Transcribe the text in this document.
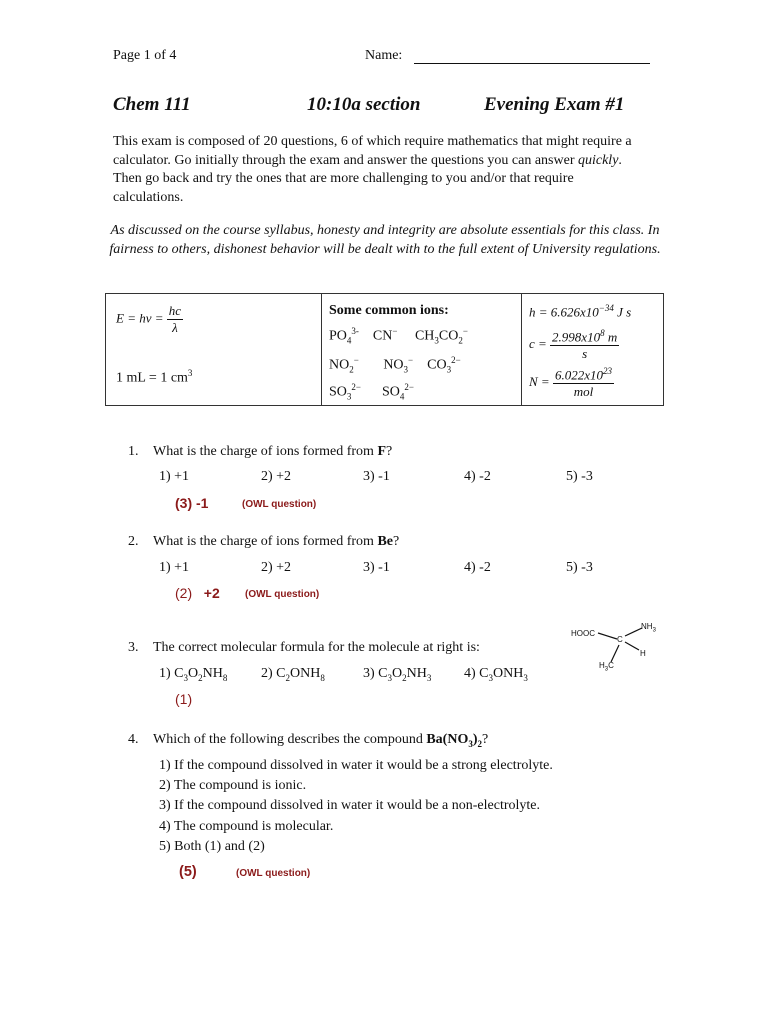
Page 1 of 4	Name:
Chem 111	10:10a section	Evening Exam #1
This exam is composed of 20 questions, 6 of which require mathematics that might require a calculator. Go initially through the exam and answer the questions you can answer quickly. Then go back and try the ones that are more challenging to you and/or that require calculations.
As discussed on the course syllabus, honesty and integrity are absolute essentials for this class. In fairness to others, dishonest behavior will be dealt with to the full extent of University regulations.
$E = h\nu = \frac{hc}{\lambda}$
1 mL = 1 $cm^3$
Some common ions:
$PO_4^{3-}$    CN−     $CH_3CO_2^-$
$NO_2^-$       $NO_3^-$    $CO_3^{2-}$
$SO_3^{2-}$      $SO_4^{2-}$
$h = 6.626x10^{-34}$ J s
$c = \frac{2.998x10^8 m}{s}$
$N = \frac{6.022x10^{23}}{\text{mol}}$
1. What is the charge of ions formed from F?
1) +1	2) +2	3) -1	4) -2	5) -3
(3) -1	(OWL question)
2. What is the charge of ions formed from Be?
1) +1	2) +2	3) -1	4) -2	5) -3
(2) +2	(OWL question)
3. The correct molecular formula for the molecule at right is:
1) $C_3O_2NH_8$ 2) $C_2ONH_8$	3) $C_3O_2NH_3$ 4) $C_3ONH_3$
(1)
HOOC
C
$NH_3$
H
$H_3C$
4. Which of the following describes the compound $Ba(NO_3)_2$?
1) If the compound dissolved in water it would be a strong electrolyte.
2) The compound is ionic.
3) If the compound dissolved in water it would be a non-electrolyte.
4) The compound is molecular.
5) Both (1) and (2)
(5)	(OWL question)
